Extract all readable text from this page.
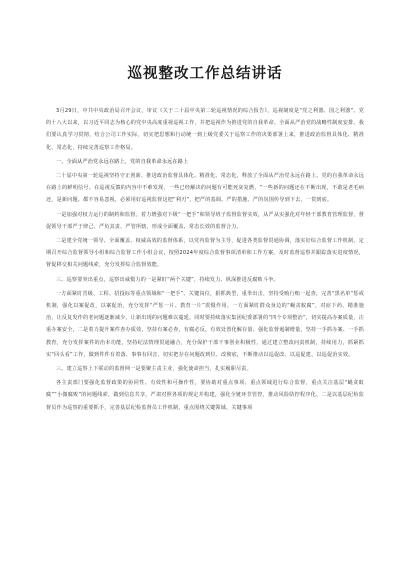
巡视整改工作总结讲话
3月29日，中共中央政治局召开会议，审议《关于二十届中央第二轮巡视情况的综合报告》，巡视制度是“党之利器、国之利器”。党的十八大以来，以习近平同志为核心的党中央高度重视巡视工作，并把巡视作为推进党的自我革命、全面从严治党的战略性制度安排。我们要认真学习贯彻，结合公司工作实际，切实把思想和行动统一到上级党委关于巡察工作的决策部署上来，推进政治监督具体化、精准化、常态化，持续完善巡察工作格局。
一、全面从严治党永远在路上，党的自我革命永远在路上
二十届中央第一轮巡视坚持守正创新、推进政治监督具体化、精准化、常态化，释放了全面从严治党永远在路上、党的自我革命永远在路上的鲜明信号。在巡视反馈的内容中不难发现，一些已经解决的问题有可能死灰复燃，“一些新的问题还在不断出现，不敢是老毛病还，是新问题。都不容易忽视，必须用好巡视监督这把“利刃”，把严的基调、严的措施、严的氛围传导到下去，一贯到底。
一是加强对权力运行的制约和监督。着力增强对下级“一把手”和领导班子监督监督实效，从严从实强化对年轻干部教育管理监督，督促领导干部严于律己、严负其责、严管所辖，形成全面覆盖、常态长效的监督合力。
二是建全党统一领导、全面覆盖、权威高效的监督体系，以党内监督为主导，促进各类监督贯通协调，落实好综合监督工作机制，定期召开综合监督领导小组和综合监督工作小组会议，按照2024年度综合监督事项清单和工作方案，及时监督巡察并跟踪落实进度情况，督促移交相关问题线索，充分发挥综合监督效能。
三、巡察要突出重点，巡察出威慑力的一是紧盯“两个关键”，持续发力、纵深推进反腐败斗争。
一方面紧盯晋级、工程、招投标等重点领域和“一把手”、关键岗位，狠抓典型，重拳出击，坚持受贿行贿一起查，完善“黑名单”惩戒机制，强化以案促改，以案促治，充分发挥“严惩一片、教育一片”震慑作用。一方面紧盯群众身边的“蝇贪蚁腐”，对症下药、精准施治，让反复发作的老问题逐渐减少，让新出现的问题难以蔓延。同时要持续落实集团纪委部署的“四个专项整治”，切实提高办案质量，注重办案安全，二是着力提升案件查办质效，坚持有案必查，有腐必反，有效处置化解存量、强化监督遏制增量，坚持一手抓办案、一手抓教育，充分发挥案件的治本功能，坚持纪法情理贯通融合，充分保护干部干事创业积极性，通过建立整改问责机制，持续用力，抓紧抓实“回头看”工作，做到件件有着落、事事有回音，切实把存在问题改到位、改彻底，不断推动以巡促改、以巡促建、以巡促治实效。
三、建立巡察上下联动的监督网一是要聚主责主业，强化使命担当，扎实履职尽责。
各主责部门要强化监督政策的协同性、有效性和可操作性，要协助对重点事项、重点领域进行综合监督，重点关注基层“蝇贪蚁腐”“小微腐败”的问题线索，做到信息共享，严肃对照各项的规定并构建，强化全链环节管控，推动风险防控程序化、二是以基层纪检监督员作为巡察的重要抓手，完善基层纪检监督员工作机制，重点围绕关键领域、关键事项
